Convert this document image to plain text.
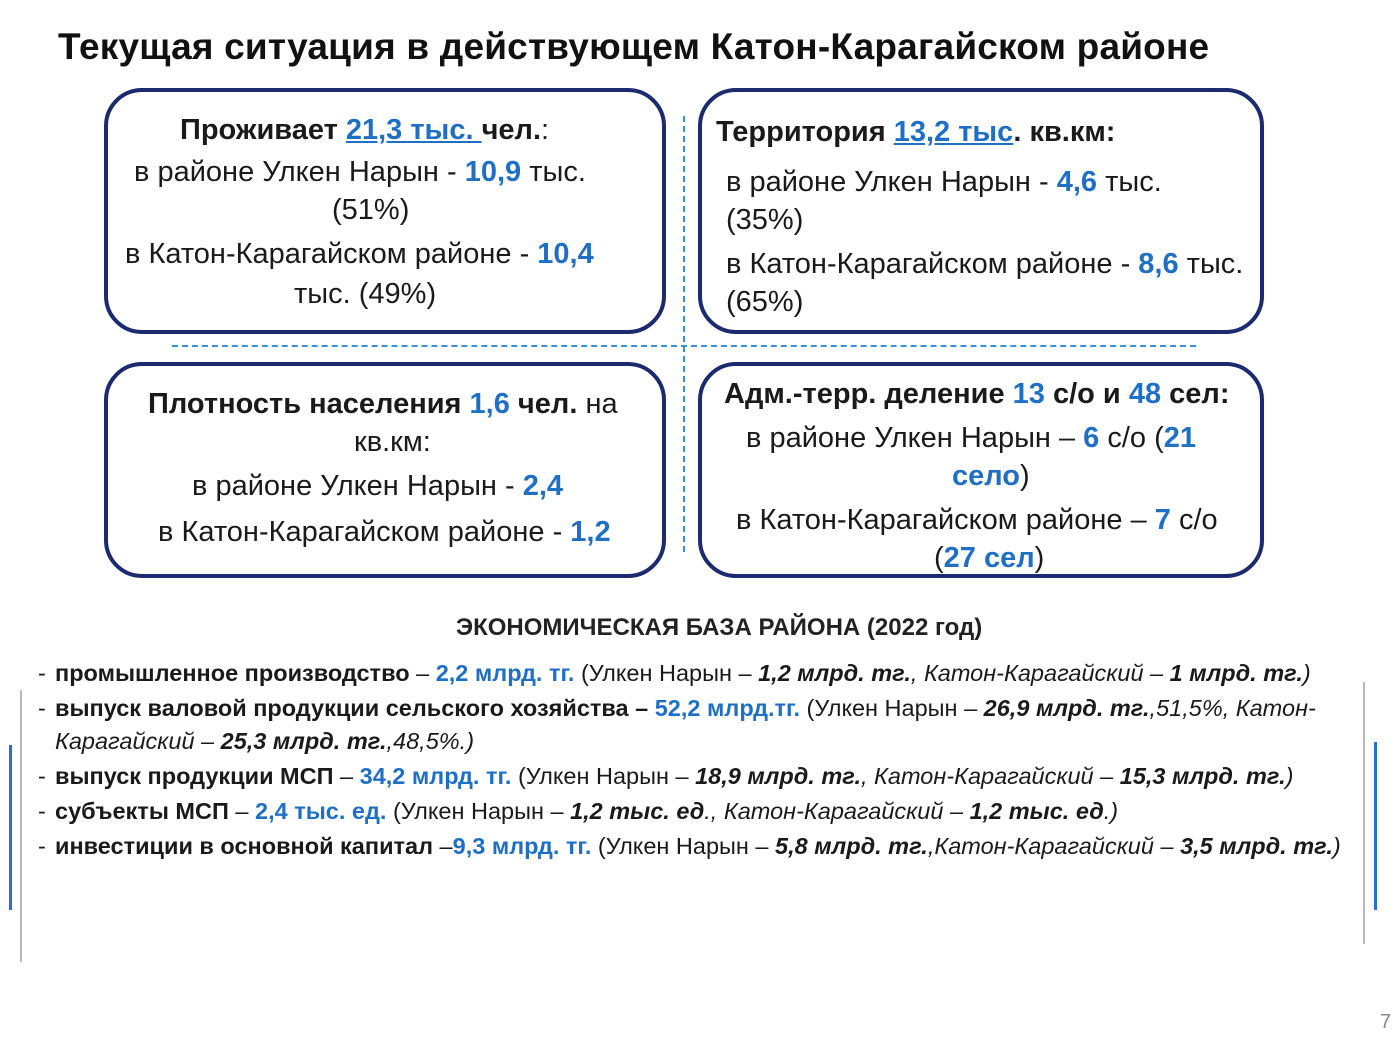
Текущая ситуация в действующем Катон-Карагайском районе
Проживает 21,3 тыс. чел.:
в районе Улкен Нарын - 10,9 тыс.
(51%)
в Катон-Карагайском районе - 10,4
тыс. (49%)
Территория 13,2 тыс. кв.км:
в районе Улкен Нарын - 4,6 тыс.
(35%)
в Катон-Карагайском районе - 8,6 тыс.
(65%)
Плотность населения 1,6 чел. на
кв.км:
в районе Улкен Нарын - 2,4
в Катон-Карагайском районе - 1,2
Адм.-терр. деление 13 с/о и 48 сел:
в районе Улкен Нарын – 6 с/о (21
село)
в Катон-Карагайском районе – 7 с/о
(27 сел)
ЭКОНОМИЧЕСКАЯ БАЗА РАЙОНА (2022 год)
- промышленное производство – 2,2 млрд. тг. (Улкен Нарын – 1,2 млрд. тг., Катон-Карагайский – 1 млрд. тг.)
- выпуск валовой продукции сельского хозяйства – 52,2 млрд.тг. (Улкен Нарын – 26,9 млрд. тг.,51,5%, Катон-Карагайский – 25,3 млрд. тг.,48,5%.)
- выпуск продукции МСП – 34,2 млрд. тг. (Улкен Нарын – 18,9 млрд. тг., Катон-Карагайский – 15,3 млрд. тг.)
- субъекты МСП – 2,4 тыс. ед. (Улкен Нарын – 1,2 тыс. ед., Катон-Карагайский – 1,2 тыс. ед.)
- инвестиции в основной капитал –9,3 млрд. тг. (Улкен Нарын – 5,8 млрд. тг.,Катон-Карагайский – 3,5 млрд. тг.)
7
